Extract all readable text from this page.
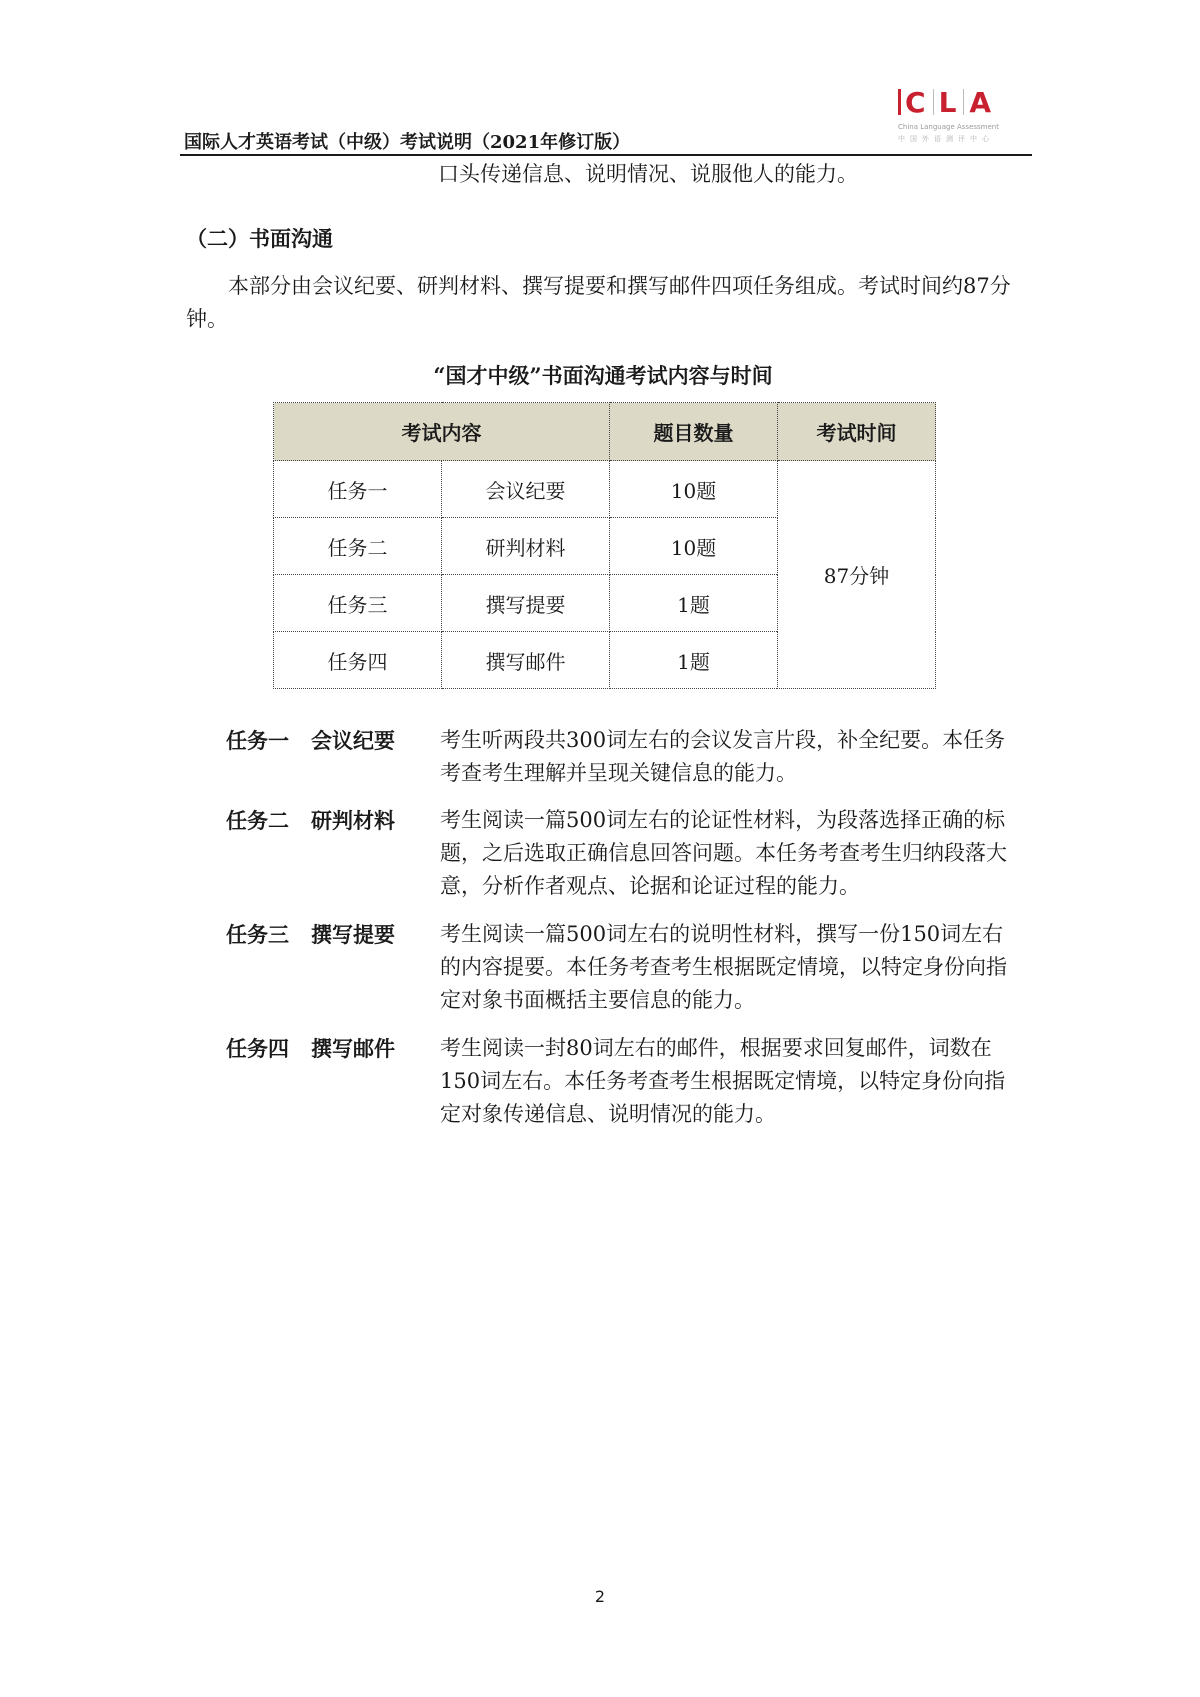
C L A
China Language Assessment
中国外语测评中心
国际人才英语考试（中级）考试说明（2021年修订版）
口头传递信息、说明情况、说服他人的能力。
（二）书面沟通
本部分由会议纪要、研判材料、撰写提要和撰写邮件四项任务组成。考试时间约87分钟。
“国才中级”书面沟通考试内容与时间
考试内容		题目数量	考试时间
任务一	会议纪要	10题	87分钟
任务二	研判材料	10题	
任务三	撰写提要	1题	
任务四	撰写邮件	1题	
任务一 会议纪要 考生听两段共300词左右的会议发言片段，补全纪要。本任务考查考生理解并呈现关键信息的能力。
任务二 研判材料 考生阅读一篇500词左右的论证性材料，为段落选择正确的标题，之后选取正确信息回答问题。本任务考查考生归纳段落大意，分析作者观点、论据和论证过程的能力。
任务三 撰写提要 考生阅读一篇500词左右的说明性材料，撰写一份150词左右的内容提要。本任务考查考生根据既定情境，以特定身份向指定对象书面概括主要信息的能力。
任务四 撰写邮件 考生阅读一封80词左右的邮件，根据要求回复邮件，词数在150词左右。本任务考查考生根据既定情境，以特定身份向指定对象传递信息、说明情况的能力。
2
